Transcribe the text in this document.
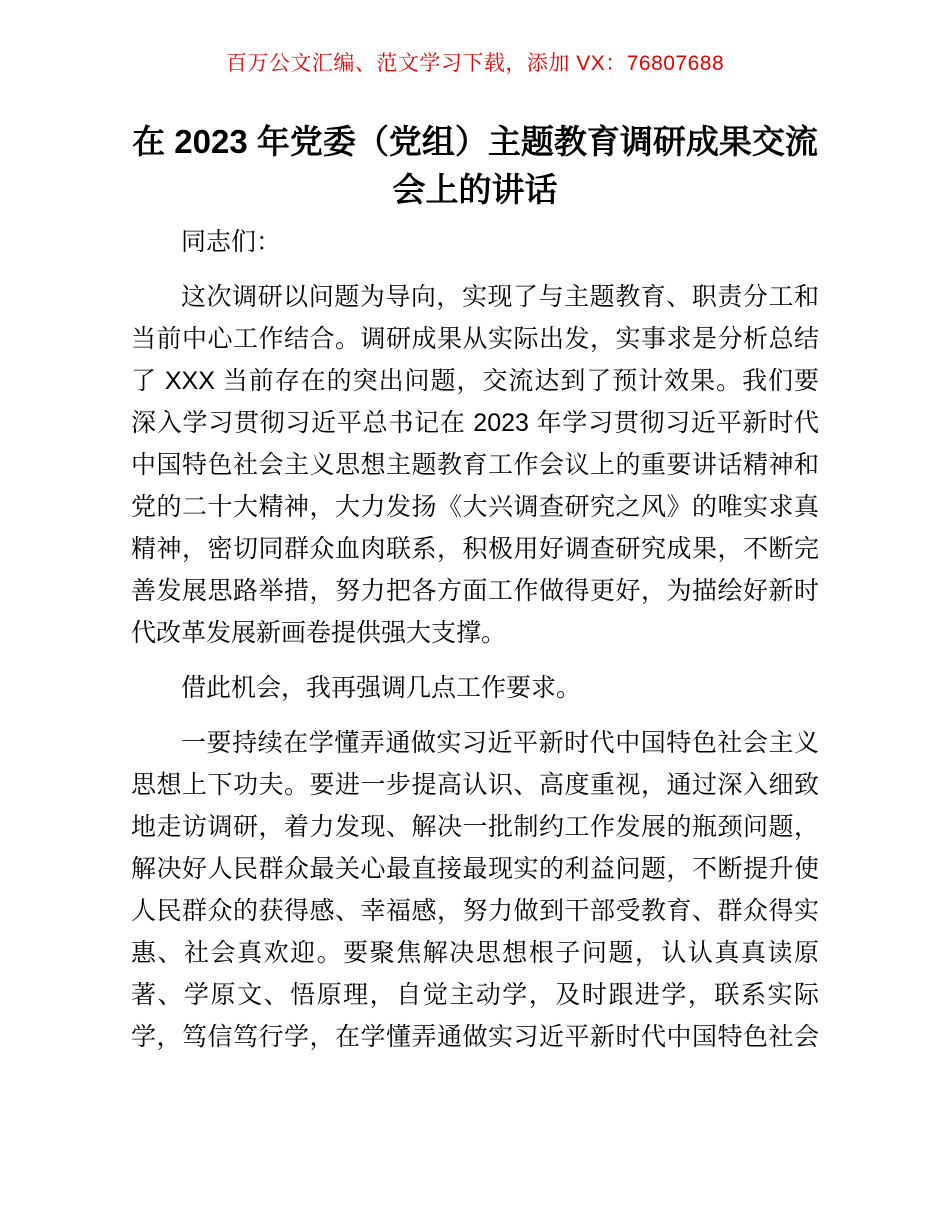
百万公文汇编、范文学习下载，添加 VX：76807688
在 2023 年党委（党组）主题教育调研成果交流
会上的讲话
同志们：
这次调研以问题为导向，实现了与主题教育、职责分工和
当前中心工作结合。调研成果从实际出发，实事求是分析总结
了 XXX 当前存在的突出问题，交流达到了预计效果。我们要
深入学习贯彻习近平总书记在 2023 年学习贯彻习近平新时代
中国特色社会主义思想主题教育工作会议上的重要讲话精神和
党的二十大精神，大力发扬《大兴调查研究之风》的唯实求真
精神，密切同群众血肉联系，积极用好调查研究成果，不断完
善发展思路举措，努力把各方面工作做得更好，为描绘好新时
代改革发展新画卷提供强大支撑。
借此机会，我再强调几点工作要求。
一要持续在学懂弄通做实习近平新时代中国特色社会主义
思想上下功夫。要进一步提高认识、高度重视，通过深入细致
地走访调研，着力发现、解决一批制约工作发展的瓶颈问题，
解决好人民群众最关心最直接最现实的利益问题，不断提升使
人民群众的获得感、幸福感，努力做到干部受教育、群众得实
惠、社会真欢迎。要聚焦解决思想根子问题，认认真真读原
著、学原文、悟原理，自觉主动学，及时跟进学，联系实际
学，笃信笃行学，在学懂弄通做实习近平新时代中国特色社会
